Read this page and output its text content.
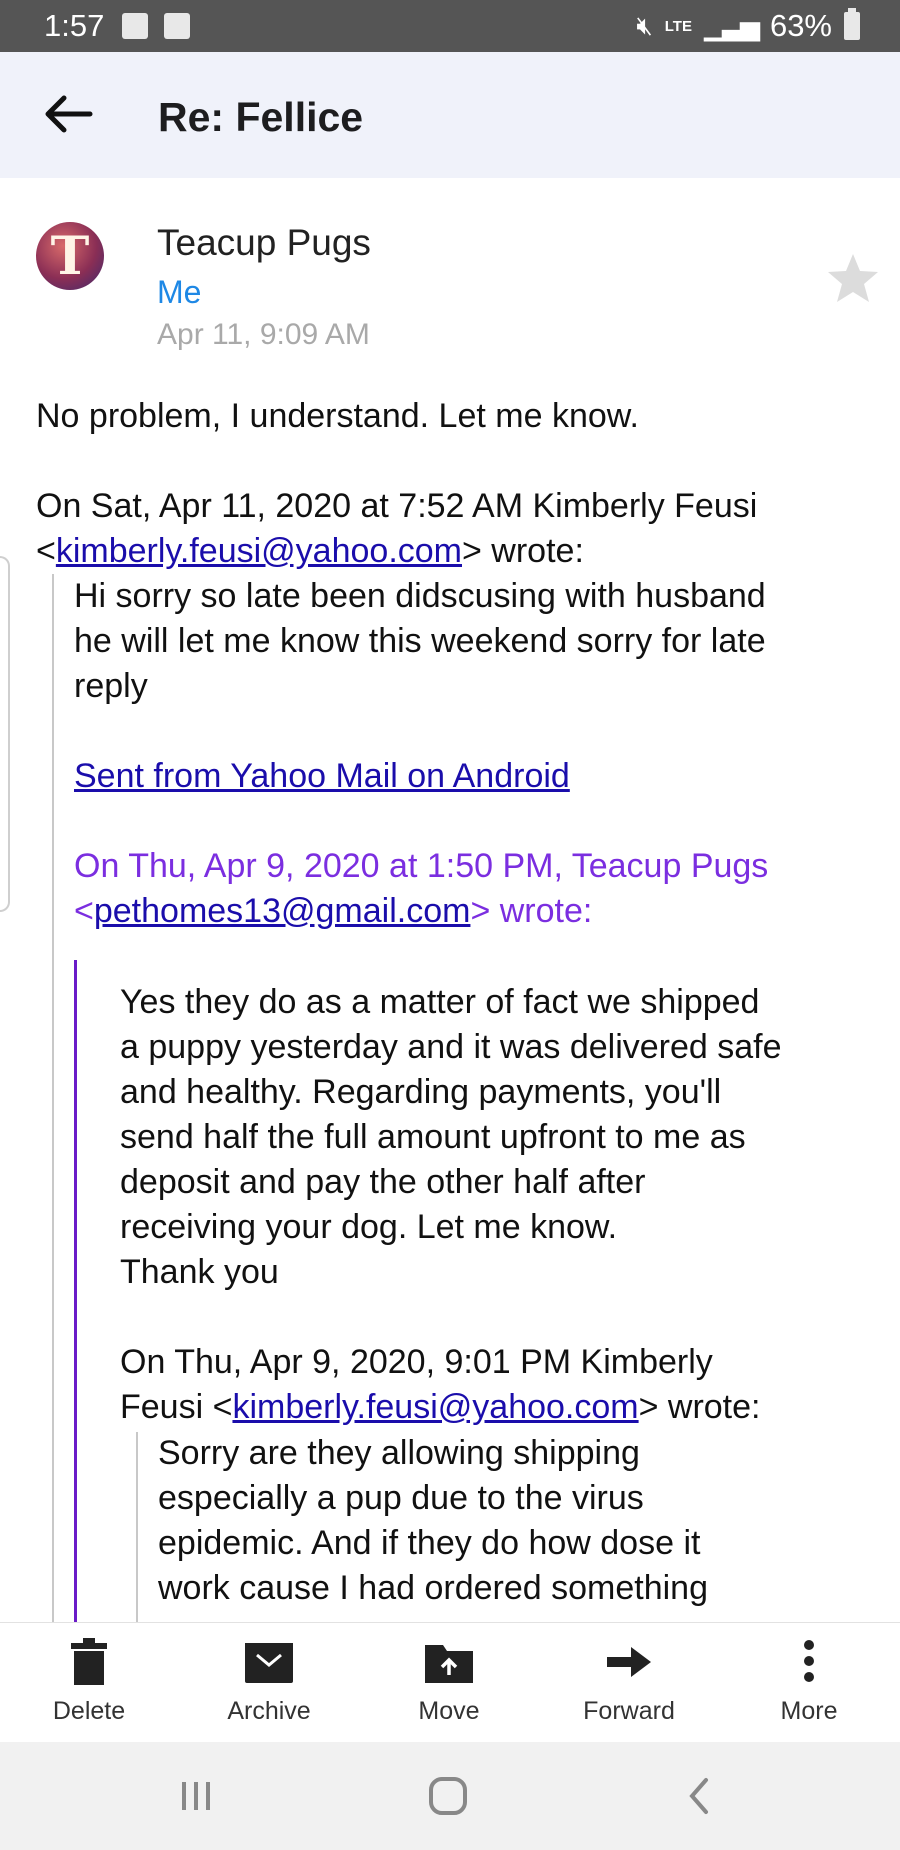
1:57	🔇︎ LTE ▁▃▅ 63%
Re: Fellice
T Teacup Pugs
Me
Apr 11, 9:09 AM
No problem, I understand. Let me know.
On Sat, Apr 11, 2020 at 7:52 AM Kimberly Feusi
<kimberly.feusi@yahoo.com> wrote:
Hi sorry so late been didscusing with husband
he will let me know this weekend sorry for late
reply
Sent from Yahoo Mail on Android
On Thu, Apr 9, 2020 at 1:50 PM, Teacup Pugs
<pethomes13@gmail.com> wrote:
Yes they do as a matter of fact we shipped
a puppy yesterday and it was delivered safe
and healthy. Regarding payments, you'll
send half the full amount upfront to me as
deposit and pay the other half after
receiving your dog. Let me know.
Thank you
On Thu, Apr 9, 2020, 9:01 PM Kimberly
Feusi <kimberly.feusi@yahoo.com> wrote:
Sorry are they allowing shipping
especially a pup due to the virus
epidemic. And if they do how dose it
work cause I had ordered something
Delete	Archive	Move	Forward	More
